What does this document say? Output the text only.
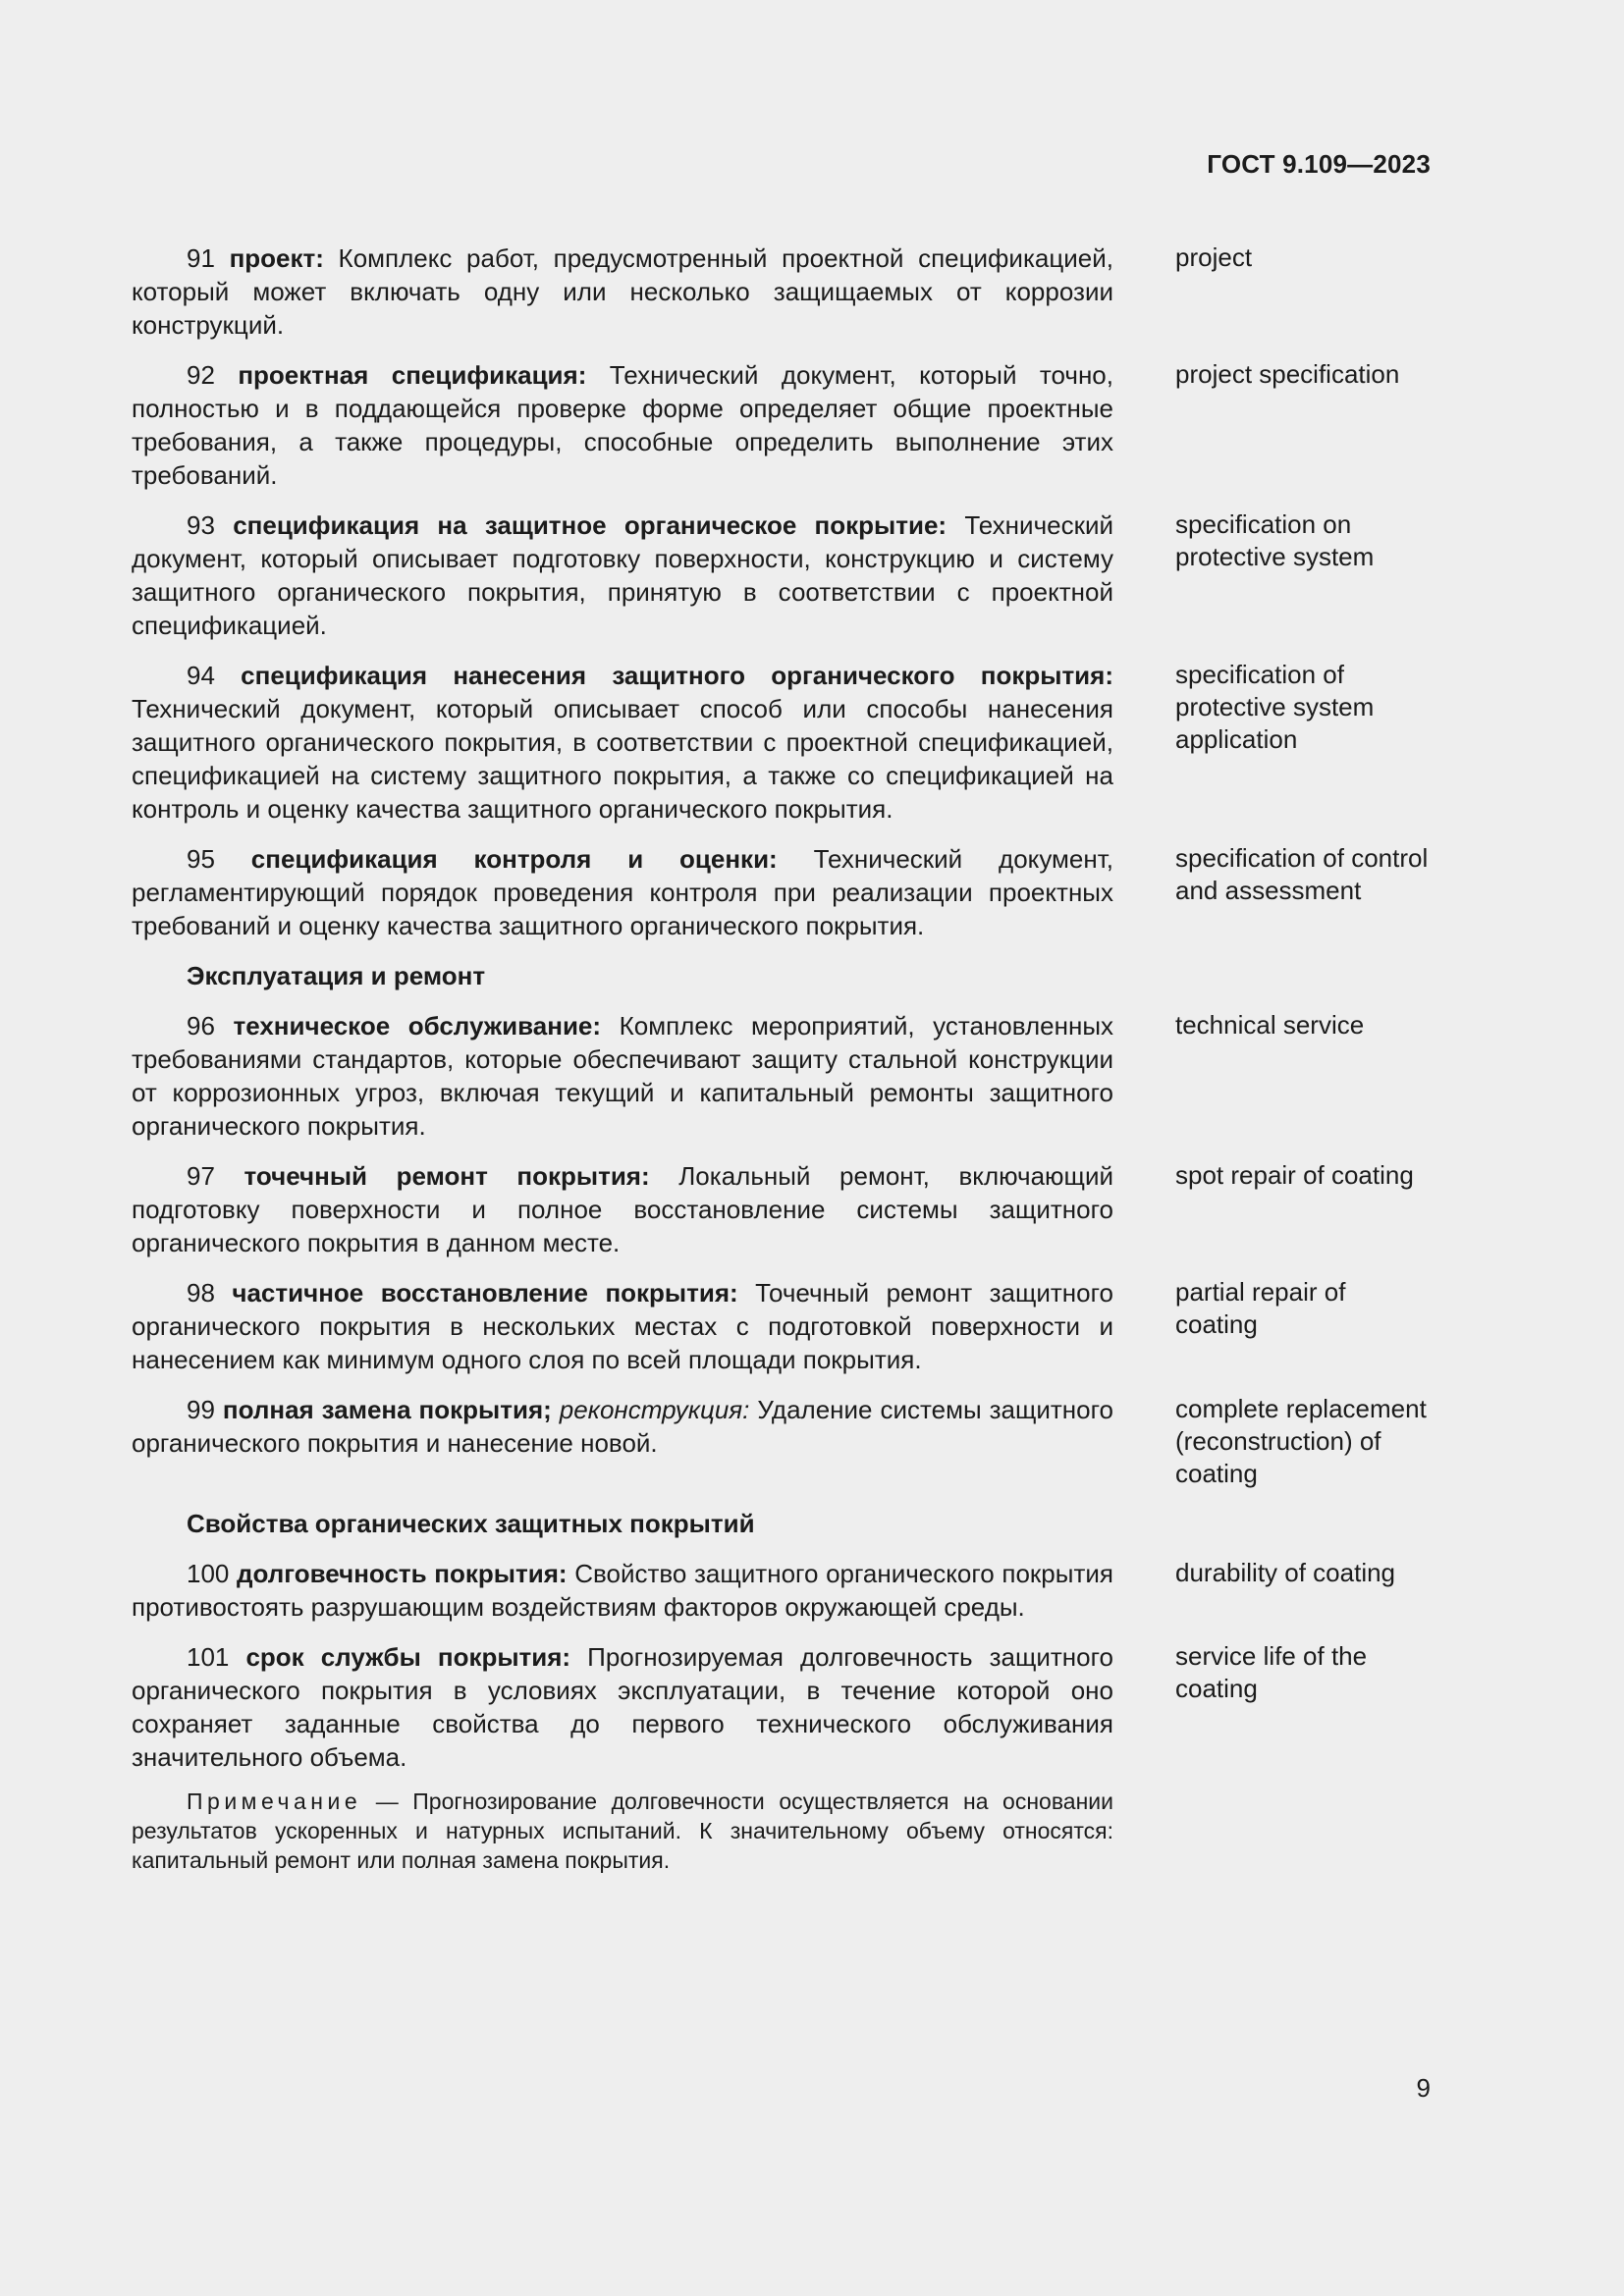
ГОСТ 9.109—2023
91 проект: Комплекс работ, предусмотренный проектной спецификацией, который может включать одну или несколько защищаемых от коррозии конструкций.
project
92 проектная спецификация: Технический документ, который точно, полностью и в поддающейся проверке форме определяет общие проектные требования, а также процедуры, способные определить выполнение этих требований.
project specification
93 спецификация на защитное органическое покрытие: Технический документ, который описывает подготовку поверхности, конструкцию и систему защитного органического покрытия, принятую в соответствии с проектной спецификацией.
specification on protective system
94 спецификация нанесения защитного органического покрытия: Технический документ, который описывает способ или способы нанесения защитного органического покрытия, в соответствии с проектной спецификацией, спецификацией на систему защитного покрытия, а также со спецификацией на контроль и оценку качества защитного органического покрытия.
specification of protective system application
95 спецификация контроля и оценки: Технический документ, регламентирующий порядок проведения контроля при реализации проектных требований и оценку качества защитного органического покрытия.
specification of control and assessment
Эксплуатация и ремонт
96 техническое обслуживание: Комплекс мероприятий, установленных требованиями стандартов, которые обеспечивают защиту стальной конструкции от коррозионных угроз, включая текущий и капитальный ремонты защитного органического покрытия.
technical service
97 точечный ремонт покрытия: Локальный ремонт, включающий подготовку поверхности и полное восстановление системы защитного органического покрытия в данном месте.
spot repair of coating
98 частичное восстановление покрытия: Точечный ремонт защитного органического покрытия в нескольких местах с подготовкой поверхности и нанесением как минимум одного слоя по всей площади покрытия.
partial repair of coating
99 полная замена покрытия; реконструкция: Удаление системы защитного органического покрытия и нанесение новой.
complete replacement (reconstruction) of coating
Свойства органических защитных покрытий
100 долговечность покрытия: Свойство защитного органического покрытия противостоять разрушающим воздействиям факторов окружающей среды.
durability of coating
101 срок службы покрытия: Прогнозируемая долговечность защитного органического покрытия в условиях эксплуатации, в течение которой оно сохраняет заданные свойства до первого технического обслуживания значительного объема.
service life of the coating
Примечание — Прогнозирование долговечности осуществляется на основании результатов ускоренных и натурных испытаний. К значительному объему относятся: капитальный ремонт или полная замена покрытия.
9
